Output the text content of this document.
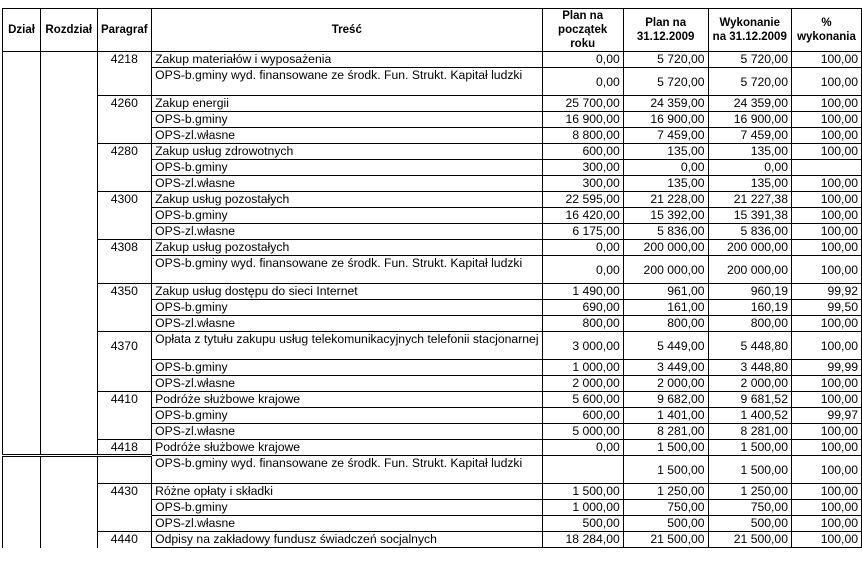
Dział	Rozdział	Paragraf	Treść	Plan na początek roku	Plan na 31.12.2009	Wykonanie na 31.12.2009	% wykonania
		4218	Zakup materiałów i wyposażenia	0,00	5 720,00	5 720,00	100,00
			OPS-b.gminy wyd. finansowane ze środk. Fun. Strukt. Kapitał ludzki	0,00	5 720,00	5 720,00	100,00
		4260	Zakup energii	25 700,00	24 359,00	24 359,00	100,00
			OPS-b.gminy	16 900,00	16 900,00	16 900,00	100,00
			OPS-zl.własne	8 800,00	7 459,00	7 459,00	100,00
		4280	Zakup usług zdrowotnych	600,00	135,00	135,00	100,00
			OPS-b.gminy	300,00	0,00	0,00	
			OPS-zl.własne	300,00	135,00	135,00	100,00
		4300	Zakup usług pozostałych	22 595,00	21 228,00	21 227,38	100,00
			OPS-b.gminy	16 420,00	15 392,00	15 391,38	100,00
			OPS-zl.własne	6 175,00	5 836,00	5 836,00	100,00
		4308	Zakup usług pozostałych	0,00	200 000,00	200 000,00	100,00
			OPS-b.gminy wyd. finansowane ze środk. Fun. Strukt. Kapitał ludzki	0,00	200 000,00	200 000,00	100,00
		4350	Zakup usług dostępu do sieci Internet	1 490,00	961,00	960,19	99,92
			OPS-b.gminy	690,00	161,00	160,19	99,50
			OPS-zl.własne	800,00	800,00	800,00	100,00
		4370	Opłata z tytułu zakupu usług telekomunikacyjnych telefonii stacjonarnej	3 000,00	5 449,00	5 448,80	100,00
			OPS-b.gminy	1 000,00	3 449,00	3 448,80	99,99
			OPS-zl.własne	2 000,00	2 000,00	2 000,00	100,00
		4410	Podróże służbowe krajowe	5 600,00	9 682,00	9 681,52	100,00
			OPS-b.gminy	600,00	1 401,00	1 400,52	99,97
			OPS-zl.własne	5 000,00	8 281,00	8 281,00	100,00
		4418	Podróże służbowe krajowe	0,00	1 500,00	1 500,00	100,00
			OPS-b.gminy wyd. finansowane ze środk. Fun. Strukt. Kapitał ludzki		1 500,00	1 500,00	100,00
		4430	Różne opłaty i składki	1 500,00	1 250,00	1 250,00	100,00
			OPS-b.gminy	1 000,00	750,00	750,00	100,00
			OPS-zl.własne	500,00	500,00	500,00	100,00
		4440	Odpisy na zakładowy fundusz świadczeń socjalnych	18 284,00	21 500,00	21 500,00	100,00
